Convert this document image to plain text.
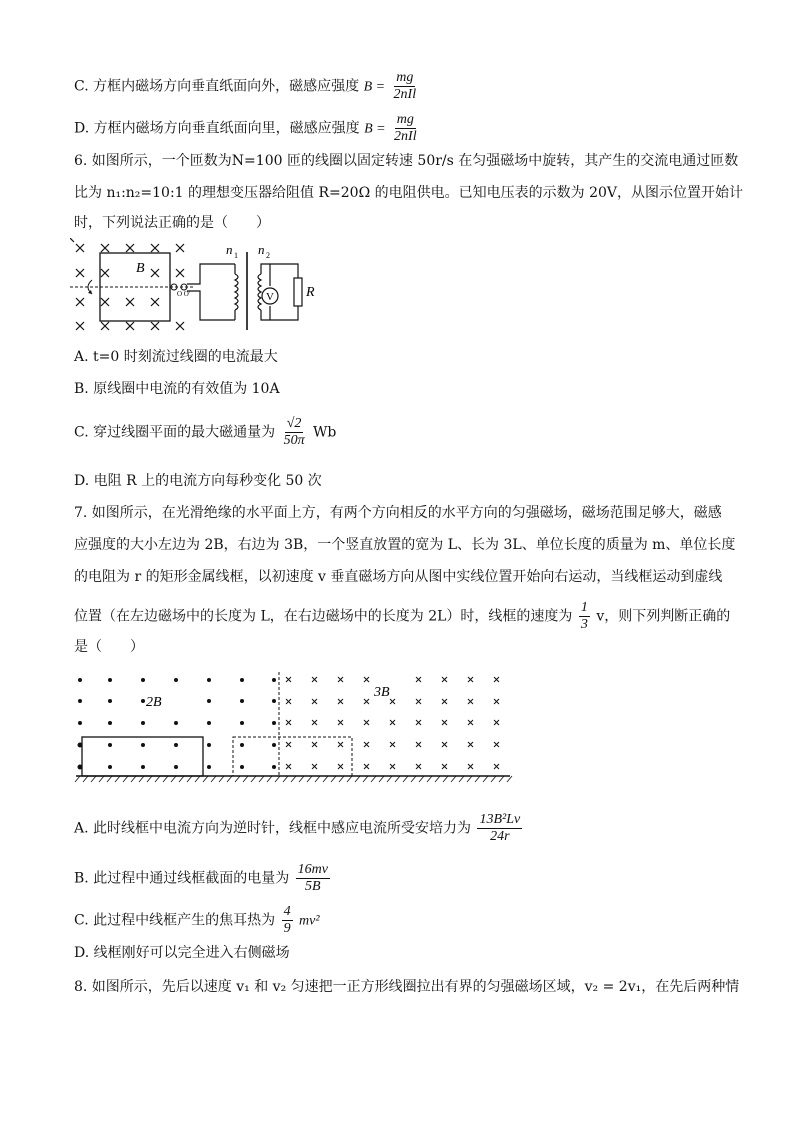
C. 方框内磁场方向垂直纸面向外，磁感应强度 $B = \frac{mg}{\text{2nIl}}$
D. 方框内磁场方向垂直纸面向里，磁感应强度 $B = \frac{mg}{\text{2nIl}}$
6. 如图所示，一个匝数为N=100 匝的线圈以固定转速 50r/s 在匀强磁场中旋转，其产生的交流电通过匝数
比为 n₁:n₂=10:1 的理想变压器给阻值 R=20Ω 的电阻供电。已知电压表的示数为 20V，从图示位置开始计
时，下列说法正确的是（　　）
B
O O'	V R
n 1 n 2
A. t=0 时刻流过线圈的电流最大
B. 原线圈中电流的有效值为 10A
C. 穿过线圈平面的最大磁通量为 $\frac{√2}{50\pi}$ Wb
D. 电阻 R 上的电流方向每秒变化 50 次
7. 如图所示，在光滑绝缘的水平面上方，有两个方向相反的水平方向的匀强磁场，磁场范围足够大，磁感
应强度的大小左边为 2B，右边为 3B，一个竖直放置的宽为 L、长为 3L、单位长度的质量为 m、单位长度
的电阻为 r 的矩形金属线框，以初速度 v 垂直磁场方向从图中实线位置开始向右运动，当线框运动到虚线
位置（在左边磁场中的长度为 L，在右边磁场中的长度为 2L）时，线框的速度为 $\frac{1}{3}$ v，则下列判断正确的
是（　　）
2B
3B
A. 此时线框中电流方向为逆时针，线框中感应电流所受安培力为 $\frac{\text{13B²Lv}}{24r}$
B. 此过程中通过线框截面的电量为 $\frac{16mv}{5B}$
C. 此过程中线框产生的焦耳热为 $\frac{4}{9} mv^2$
D. 线框刚好可以完全进入右侧磁场
8. 如图所示，先后以速度 v₁ 和 v₂ 匀速把一正方形线圈拉出有界的匀强磁场区域，v₂ = 2v₁，在先后两种情
